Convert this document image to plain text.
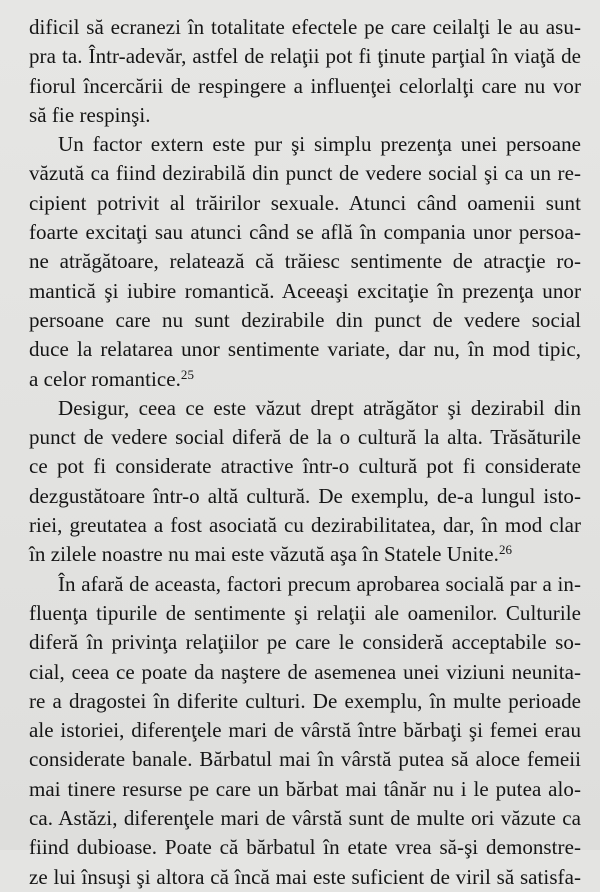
dificil să ecranezi în totalitate efectele pe care ceilalţi le au asu-
pra ta. Într-adevăr, astfel de relaţii pot fi ţinute parţial în viaţă de
fiorul încercării de respingere a influenţei celorlalţi care nu vor
să fie respinşi.
Un factor extern este pur şi simplu prezenţa unei persoane
văzută ca fiind dezirabilă din punct de vedere social şi ca un re-
cipient potrivit al trăirilor sexuale. Atunci când oamenii sunt
foarte excitaţi sau atunci când se află în compania unor persoa-
ne atrăgătoare, relatează că trăiesc sentimente de atracţie ro-
mantică şi iubire romantică. Aceeaşi excitaţie în prezenţa unor
persoane care nu sunt dezirabile din punct de vedere social
duce la relatarea unor sentimente variate, dar nu, în mod tipic,
a celor romantice.$^{25}$
Desigur, ceea ce este văzut drept atrăgător şi dezirabil din
punct de vedere social diferă de la o cultură la alta. Trăsăturile
ce pot fi considerate atractive într-o cultură pot fi considerate
dezgustătoare într-o altă cultură. De exemplu, de-a lungul isto-
riei, greutatea a fost asociată cu dezirabilitatea, dar, în mod clar
în zilele noastre nu mai este văzută aşa în Statele Unite.$^{26}$
În afară de aceasta, factori precum aprobarea socială par a in-
fluenţa tipurile de sentimente şi relaţii ale oamenilor. Culturile
diferă în privinţa relaţiilor pe care le consideră acceptabile so-
cial, ceea ce poate da naştere de asemenea unei viziuni neunita-
re a dragostei în diferite culturi. De exemplu, în multe perioade
ale istoriei, diferenţele mari de vârstă între bărbaţi şi femei erau
considerate banale. Bărbatul mai în vârstă putea să aloce femeii
mai tinere resurse pe care un bărbat mai tânăr nu i le putea alo-
ca. Astăzi, diferenţele mari de vârstă sunt de multe ori văzute ca
fiind dubioase. Poate că bărbatul în etate vrea să-şi demonstre-
ze lui însuşi şi altora că încă mai este suficient de viril să satisfa-
